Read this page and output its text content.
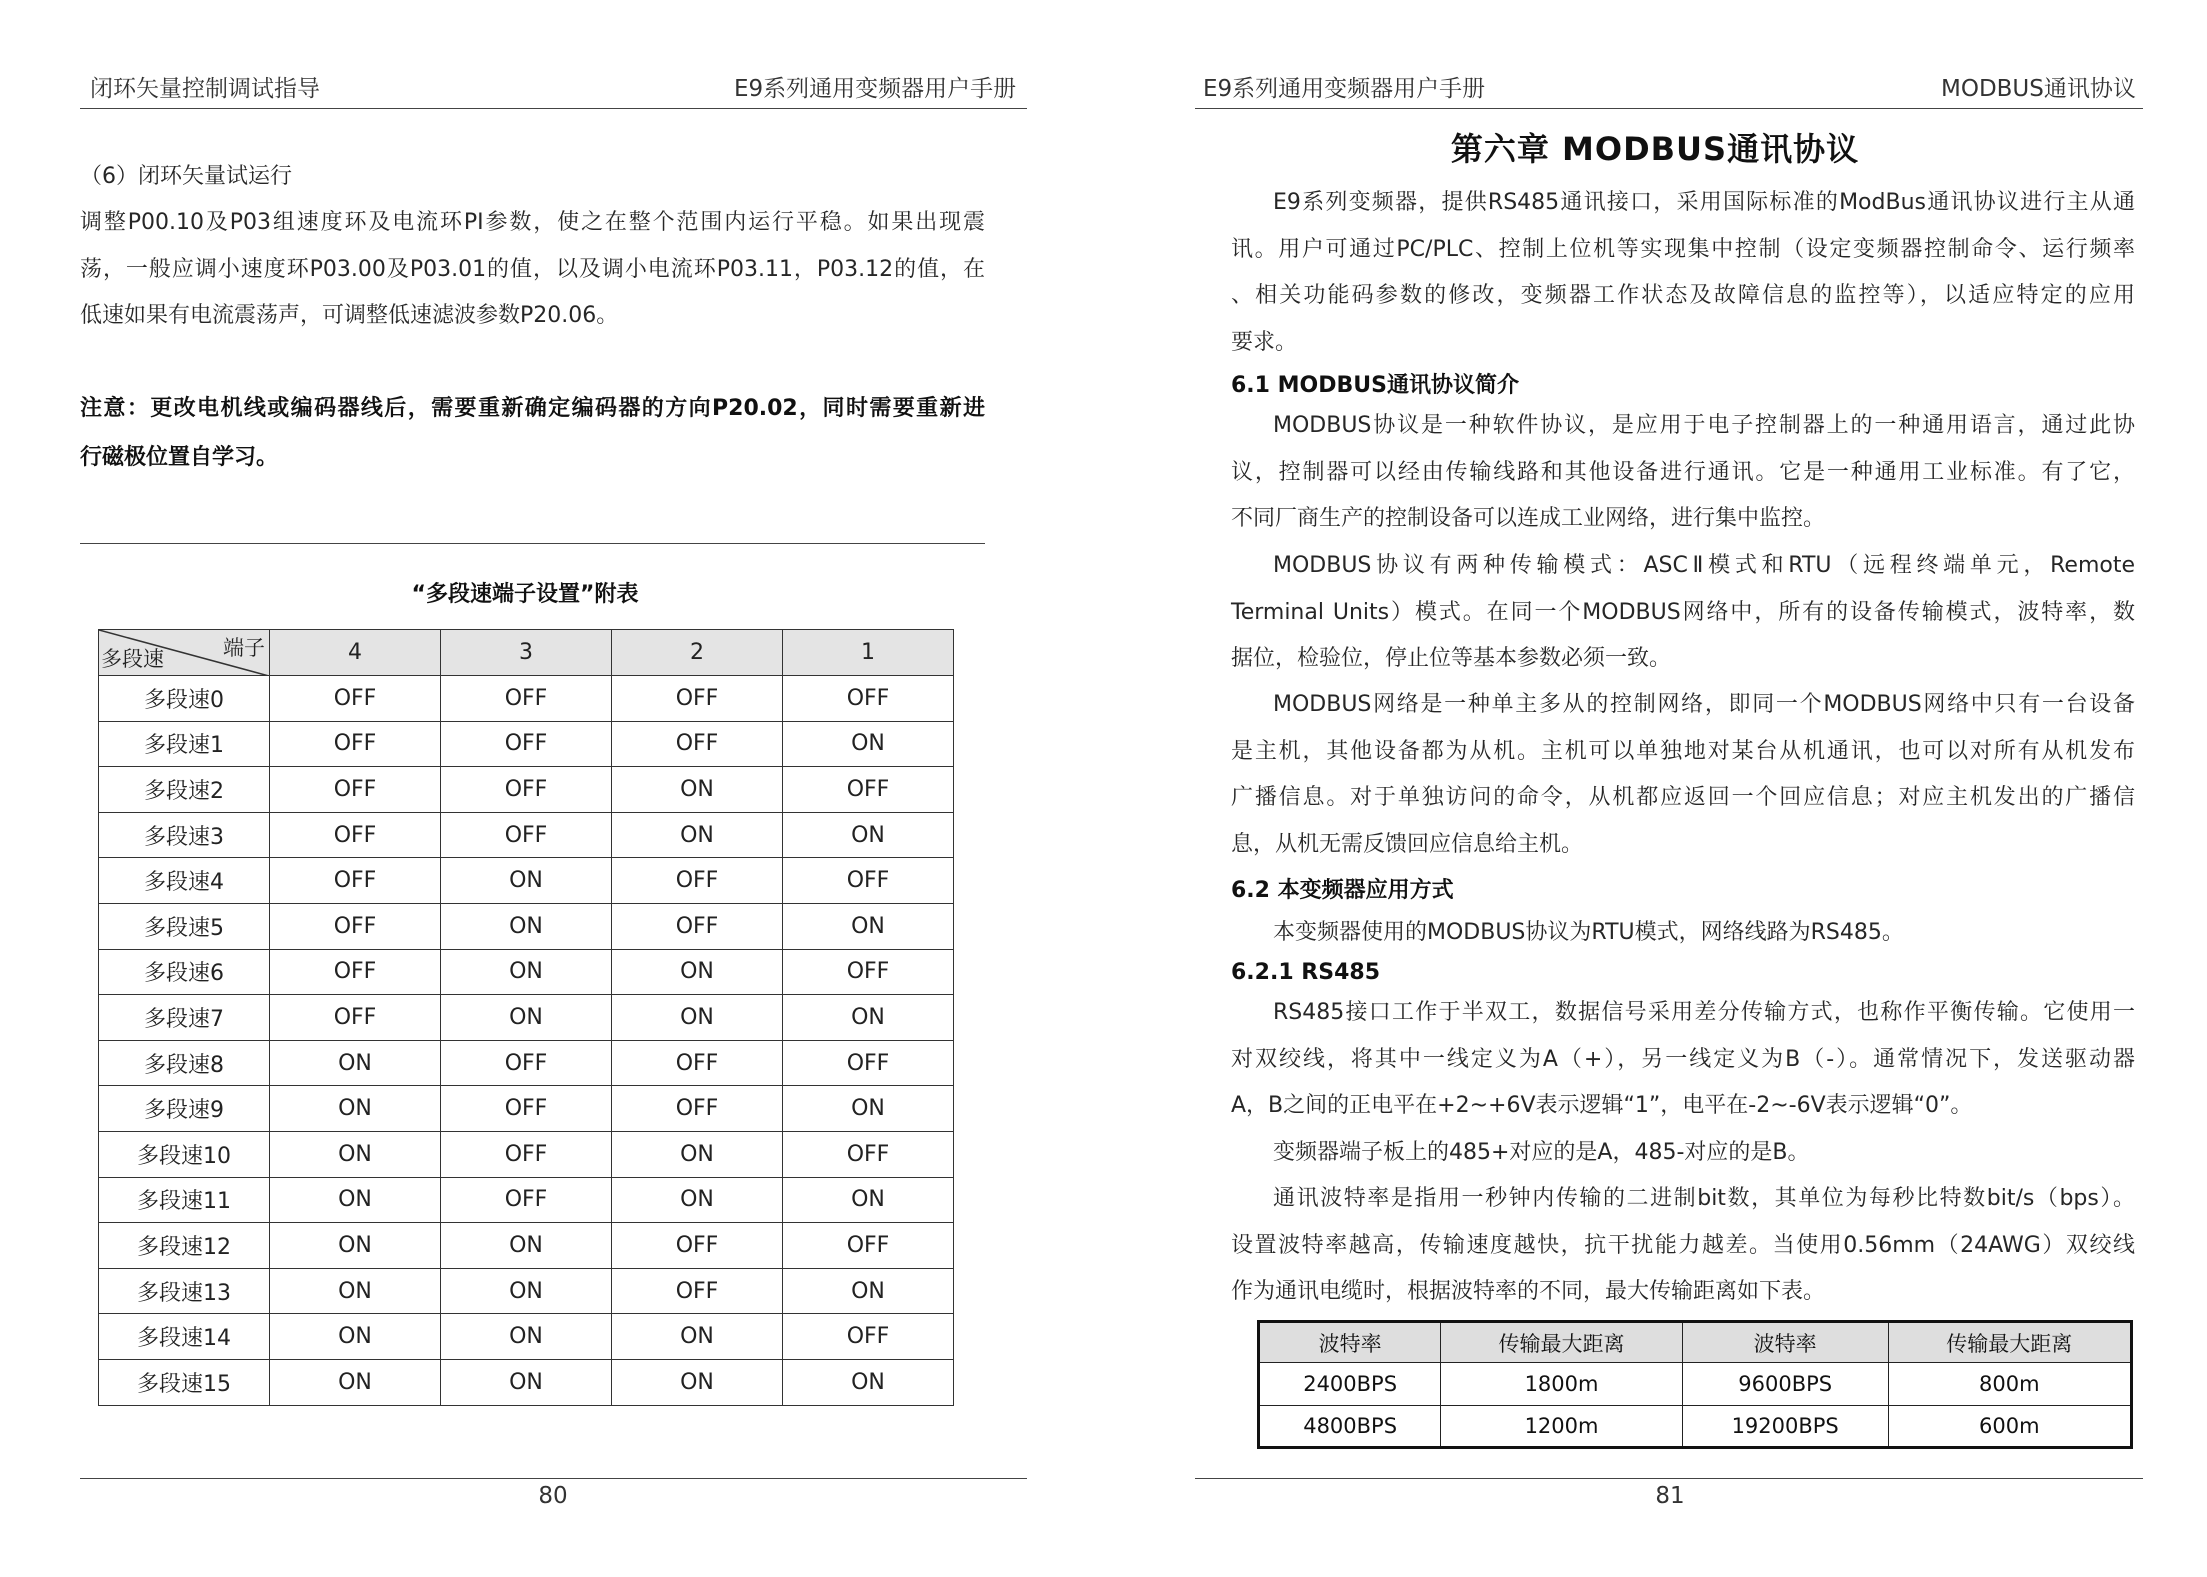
闭环矢量控制调试指导	E9系列通用变频器用户手册
（6）闭环矢量试运行
调整P00.10及P03组速度环及电流环PI参数，使之在整个范围内运行平稳。如果出现震
荡，一般应调小速度环P03.00及P03.01的值，以及调小电流环P03.11，P03.12的值，在
低速如果有电流震荡声，可调整低速滤波参数P20.06。
注意：更改电机线或编码器线后，需要重新确定编码器的方向P20.02，同时需要重新进
行磁极位置自学习。
“多段速端子设置”附表
端子
多段速	4	3	2	1
多段速0	OFF	OFF	OFF	OFF
多段速1	OFF	OFF	OFF	ON
多段速2	OFF	OFF	ON	OFF
多段速3	OFF	OFF	ON	ON
多段速4	OFF	ON	OFF	OFF
多段速5	OFF	ON	OFF	ON
多段速6	OFF	ON	ON	OFF
多段速7	OFF	ON	ON	ON
多段速8	ON	OFF	OFF	OFF
多段速9	ON	OFF	OFF	ON
多段速10	ON	OFF	ON	OFF
多段速11	ON	OFF	ON	ON
多段速12	ON	ON	OFF	OFF
多段速13	ON	ON	OFF	ON
多段速14	ON	ON	ON	OFF
多段速15	ON	ON	ON	ON
80
E9系列通用变频器用户手册	MODBUS通讯协议
第六章 MODBUS通讯协议
E9系列变频器，提供RS485通讯接口，采用国际标准的ModBus通讯协议进行主从通
讯。用户可通过PC/PLC、控制上位机等实现集中控制（设定变频器控制命令、运行频率
、相关功能码参数的修改，变频器工作状态及故障信息的监控等），以适应特定的应用
要求。
6.1 MODBUS通讯协议简介
MODBUS协议是一种软件协议，是应用于电子控制器上的一种通用语言，通过此协
议，控制器可以经由传输线路和其他设备进行通讯。它是一种通用工业标准。有了它，
不同厂商生产的控制设备可以连成工业网络，进行集中监控。
MODBUS协议有两种传输模式：ASCⅡ模式和RTU（远程终端单元，Remote
Terminal Units）模式。在同一个MODBUS网络中，所有的设备传输模式，波特率，数
据位，检验位，停止位等基本参数必须一致。
MODBUS网络是一种单主多从的控制网络，即同一个MODBUS网络中只有一台设备
是主机，其他设备都为从机。主机可以单独地对某台从机通讯，也可以对所有从机发布
广播信息。对于单独访问的命令，从机都应返回一个回应信息；对应主机发出的广播信
息，从机无需反馈回应信息给主机。
6.2 本变频器应用方式
本变频器使用的MODBUS协议为RTU模式，网络线路为RS485。
6.2.1 RS485
RS485接口工作于半双工，数据信号采用差分传输方式，也称作平衡传输。它使用一
对双绞线，将其中一线定义为A（+），另一线定义为B（-）。通常情况下，发送驱动器
A，B之间的正电平在+2~+6V表示逻辑“1”，电平在-2~-6V表示逻辑“0”。
变频器端子板上的485+对应的是A，485-对应的是B。
通讯波特率是指用一秒钟内传输的二进制bit数，其单位为每秒比特数bit/s（bps）。
设置波特率越高，传输速度越快，抗干扰能力越差。当使用0.56mm（24AWG）双绞线
作为通讯电缆时，根据波特率的不同，最大传输距离如下表。
波特率	传输最大距离	波特率	传输最大距离
2400BPS	1800m	9600BPS	800m
4800BPS	1200m	19200BPS	600m
81
